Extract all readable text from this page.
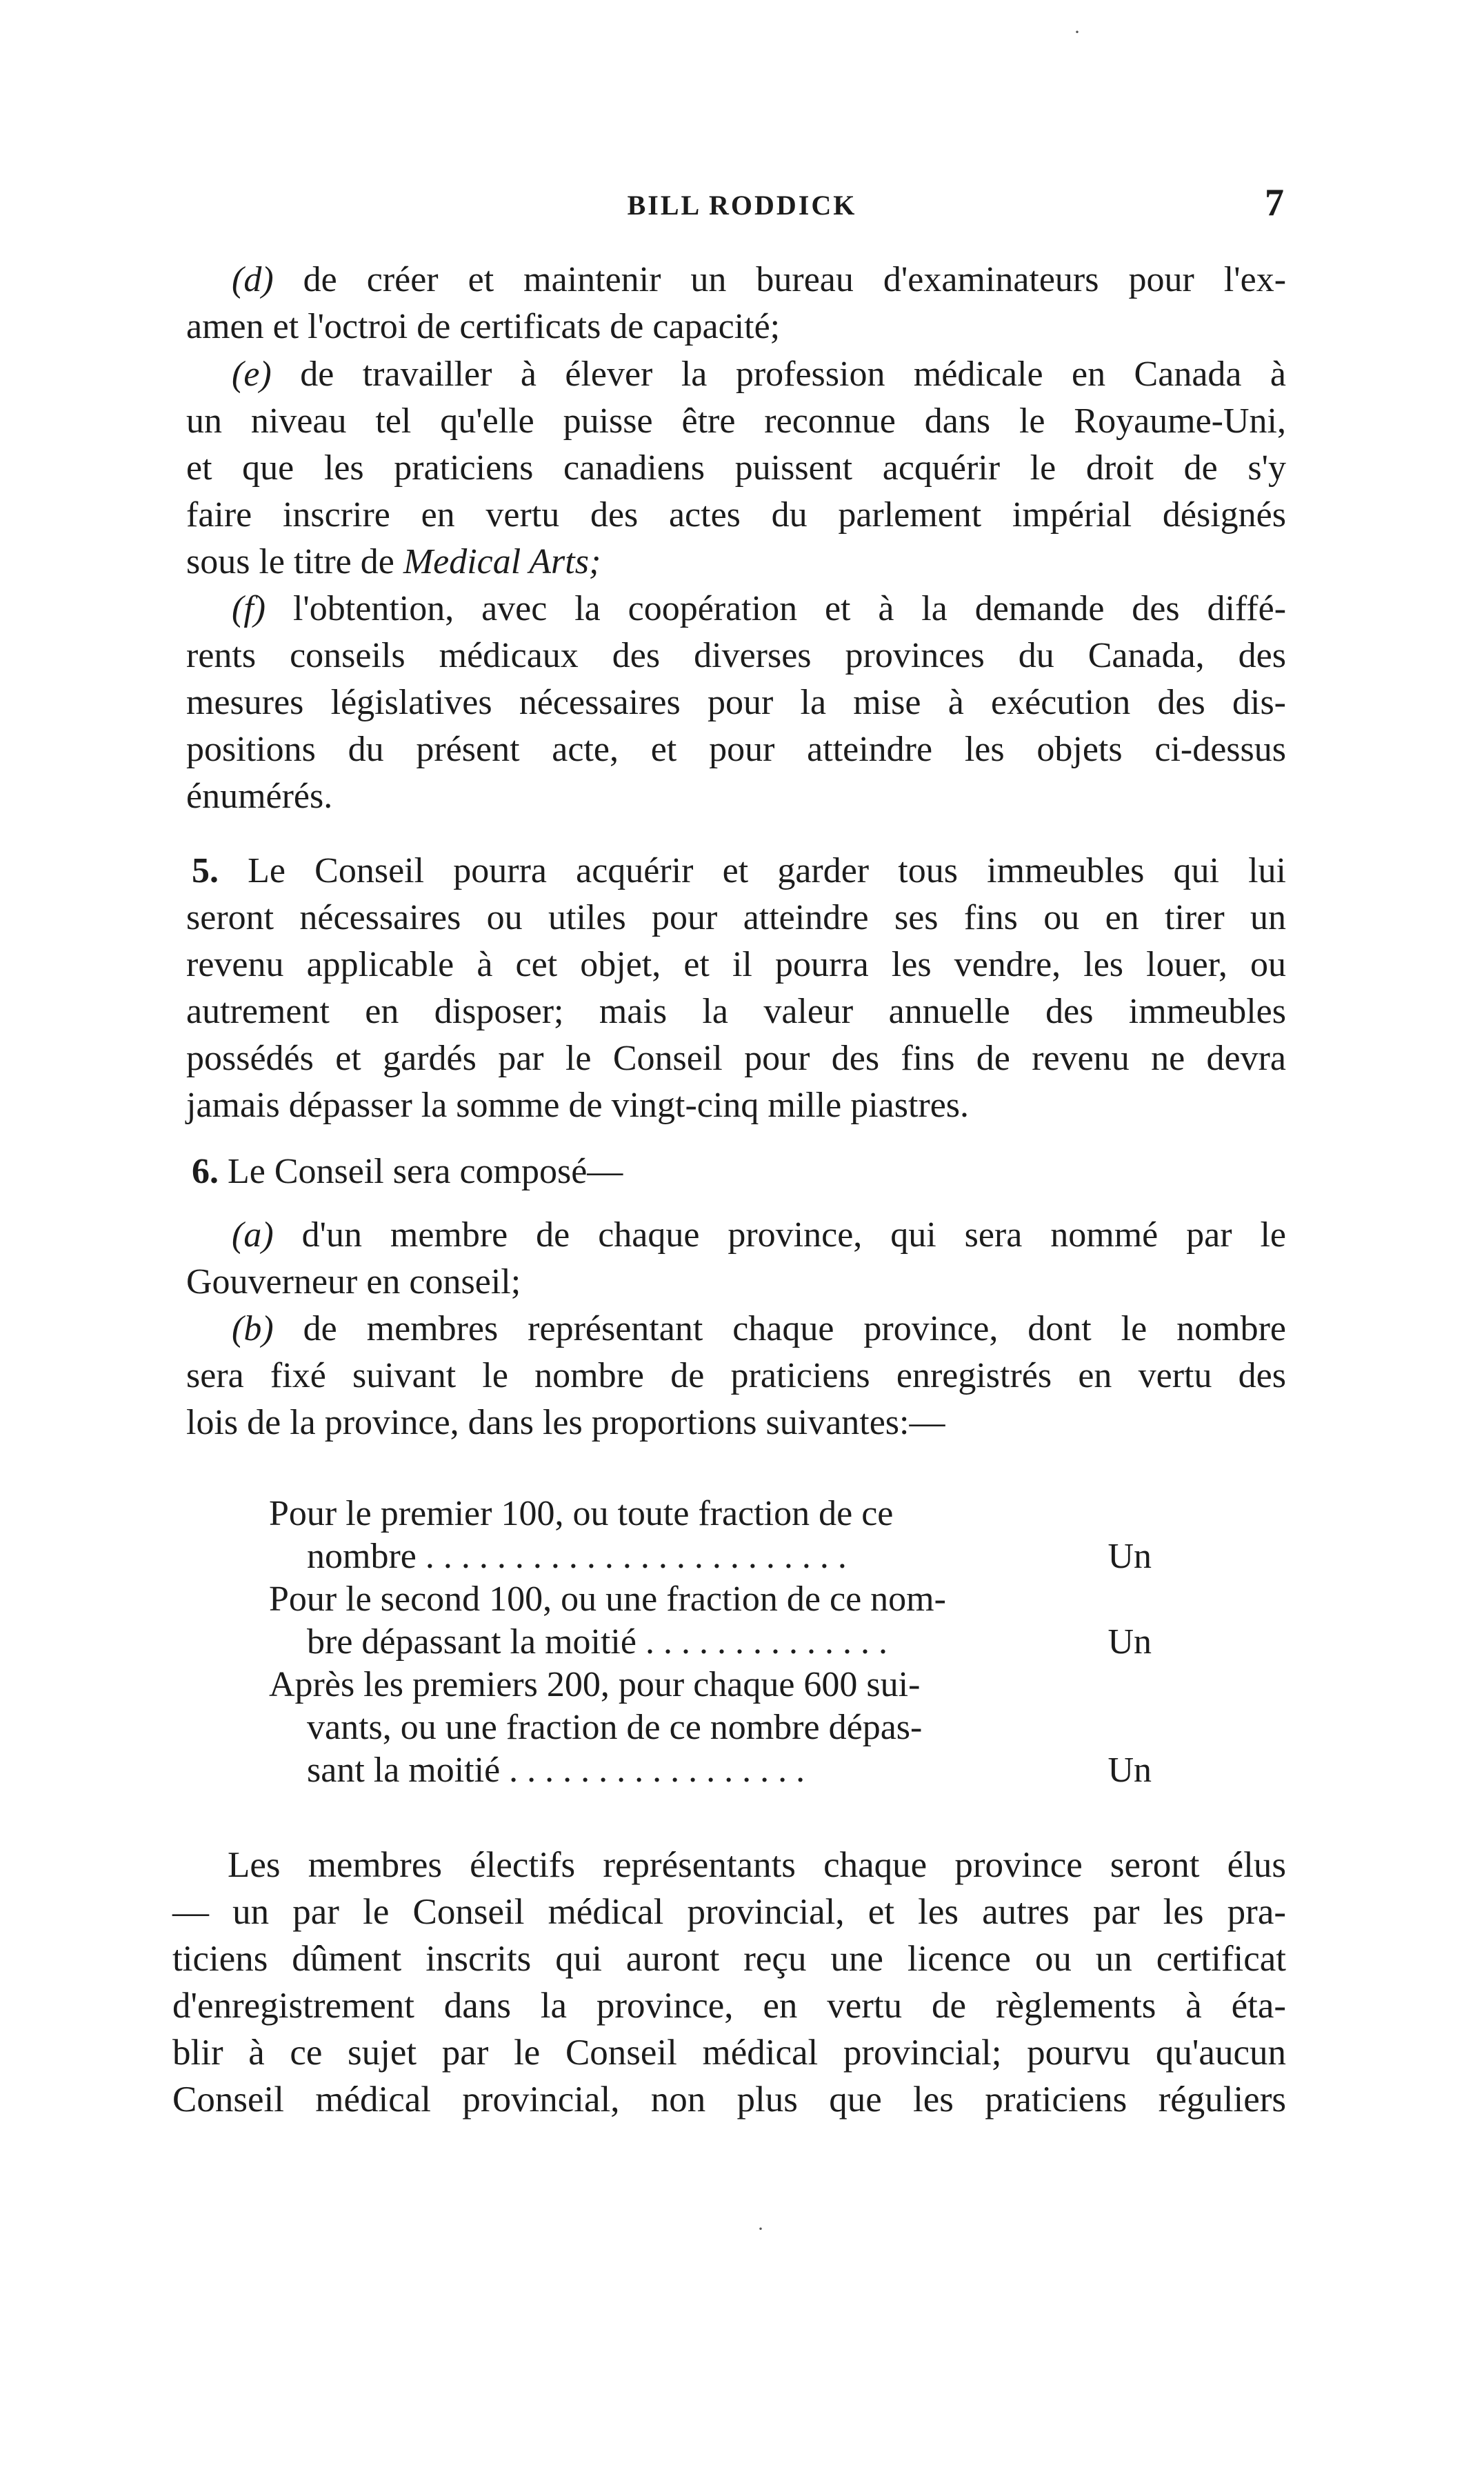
BILL RODDICK	7
(d) de créer et maintenir un bureau d'examinateurs pour l'ex-
amen et l'octroi de certificats de capacité;
(e) de travailler à élever la profession médicale en Canada à
un niveau tel qu'elle puisse être reconnue dans le Royaume-Uni,
et que les praticiens canadiens puissent acquérir le droit de s'y
faire inscrire en vertu des actes du parlement impérial désignés
sous le titre de Medical Arts;
(f) l'obtention, avec la coopération et à la demande des diffé-
rents conseils médicaux des diverses provinces du Canada, des
mesures législatives nécessaires pour la mise à exécution des dis-
positions du présent acte, et pour atteindre les objets ci-dessus
énumérés.
5. Le Conseil pourra acquérir et garder tous immeubles qui lui
seront nécessaires ou utiles pour atteindre ses fins ou en tirer un
revenu applicable à cet objet, et il pourra les vendre, les louer, ou
autrement en disposer; mais la valeur annuelle des immeubles
possédés et gardés par le Conseil pour des fins de revenu ne devra
jamais dépasser la somme de vingt-cinq mille piastres.
6. Le Conseil sera composé—
(a) d'un membre de chaque province, qui sera nommé par le
Gouverneur en conseil;
(b) de membres représentant chaque province, dont le nombre
sera fixé suivant le nombre de praticiens enregistrés en vertu des
lois de la province, dans les proportions suivantes:—
Pour le premier 100, ou toute fraction de ce
nombre . . . . . . . . . . . . . . . . . . . . . . . .	Un
Pour le second 100, ou une fraction de ce nom-
bre dépassant la moitié . . . . . . . . . . . . . .	Un
Après les premiers 200, pour chaque 600 sui-
vants, ou une fraction de ce nombre dépas-
sant la moitié . . . . . . . . . . . . . . . . .	Un
Les membres électifs représentants chaque province seront élus
— un par le Conseil médical provincial, et les autres par les pra-
ticiens dûment inscrits qui auront reçu une licence ou un certificat
d'enregistrement dans la province, en vertu de règlements à éta-
blir à ce sujet par le Conseil médical provincial; pourvu qu'aucun
Conseil médical provincial, non plus que les praticiens réguliers
·
·
